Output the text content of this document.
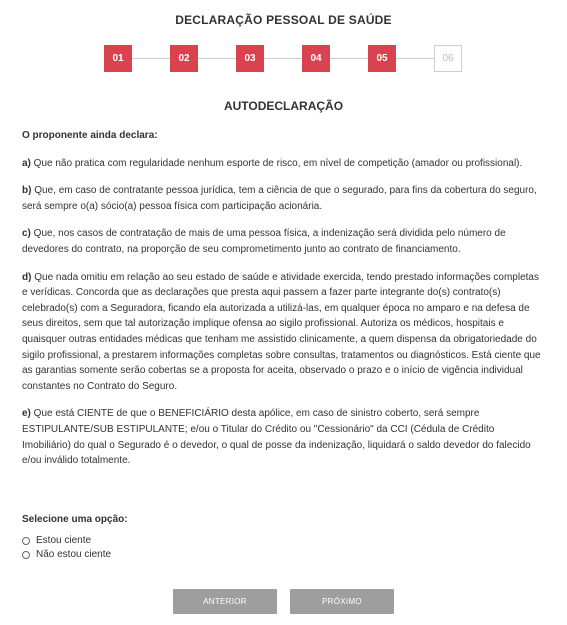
DECLARAÇÃO PESSOAL DE SAÚDE
01	02	03	04	05	06
AUTODECLARAÇÃO

O proponente ainda declara:

a) Que não pratica com regularidade nenhum esporte de risco, em nível de competição (amador ou profissional).

b) Que, em caso de contratante pessoa jurídica, tem a ciência de que o segurado, para fins da cobertura do seguro, será sempre o(a) sócio(a) pessoa física com participação acionária.

c) Que, nos casos de contratação de mais de uma pessoa física, a indenização será dividida pelo número de devedores do contrato, na proporção de seu comprometimento junto ao contrato de financiamento.

d) Que nada omitiu em relação ao seu estado de saúde e atividade exercida, tendo prestado informações completas e verídicas. Concorda que as declarações que presta aqui passem a fazer parte integrante do(s) contrato(s) celebrado(s) com a Seguradora, ficando ela autorizada a utilizá-las, em qualquer época no amparo e na defesa de seus direitos, sem que tal autorização implique ofensa ao sigilo profissional. Autoriza os médicos, hospitais e quaisquer outras entidades médicas que tenham me assistido clinicamente, a quem dispensa da obrigatoriedade do sigilo profissional, a prestarem informações completas sobre consultas, tratamentos ou diagnósticos. Está ciente que as garantias somente serão cobertas se a proposta for aceita, observado o prazo e o início de vigência individual constantes no Contrato do Seguro.

e) Que está CIENTE de que o BENEFICIÁRIO desta apólice, em caso de sinistro coberto, será sempre ESTIPULANTE/SUB ESTIPULANTE; e/ou o Titular do Crédito ou "Cessionário" da CCI (Cédula de Crédito Imobiliário) do qual o Segurado é o devedor, o qual de posse da indenização, liquidará o saldo devedor do falecido e/ou inválido totalmente.

Selecione uma opção:
Estou ciente
Não estou ciente
ANTERIOR	PRÓXIMO
